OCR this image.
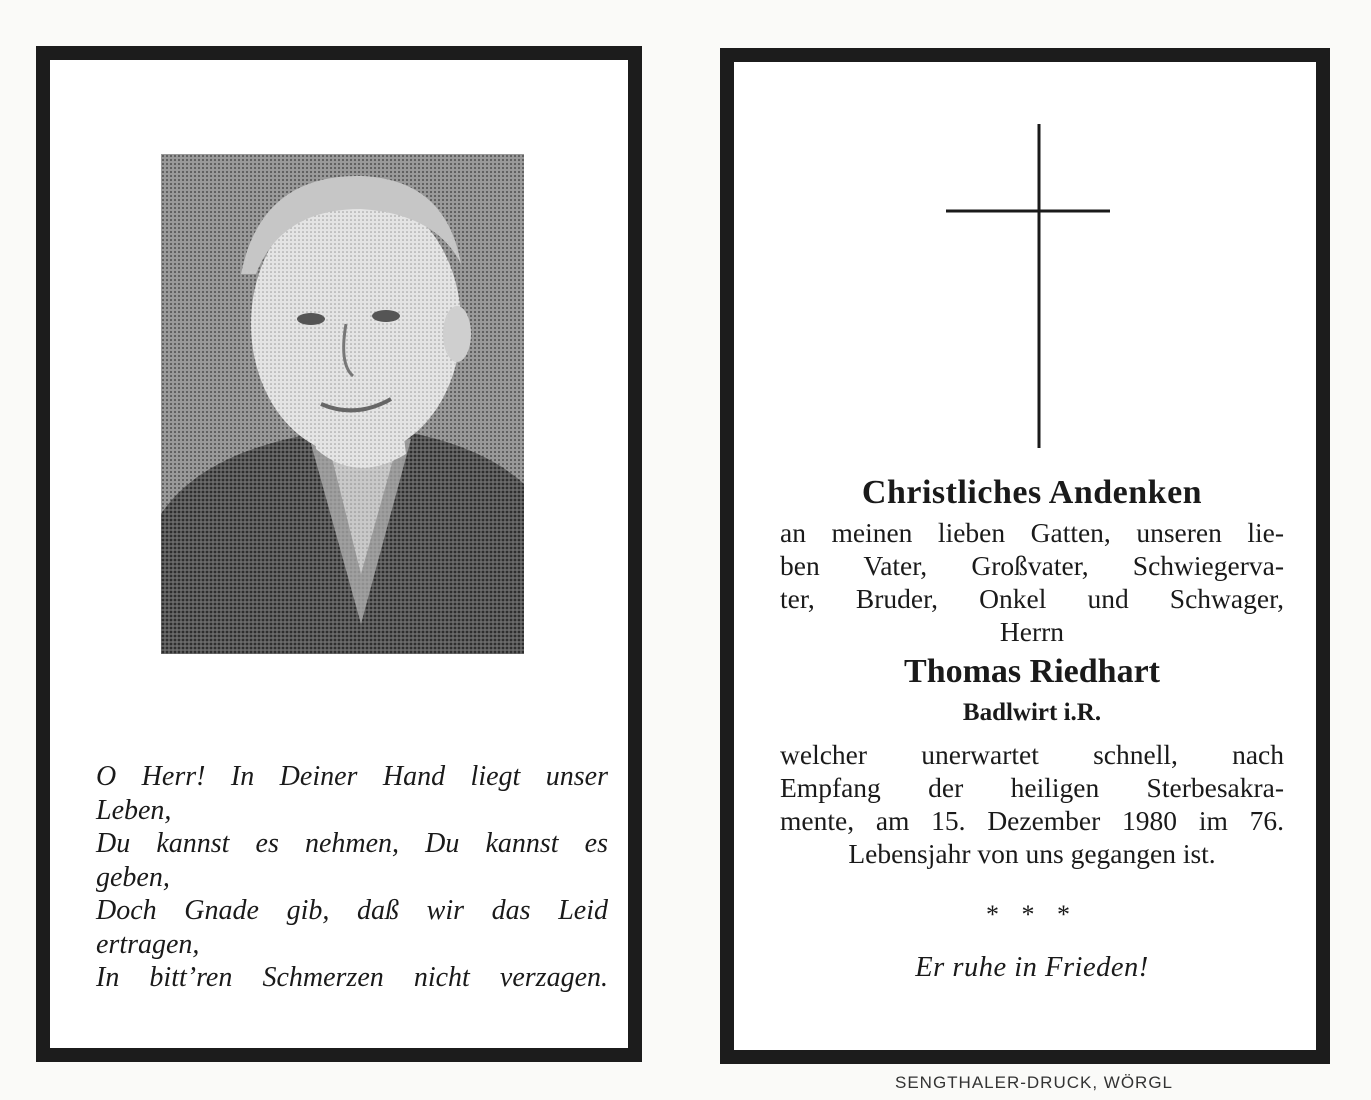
O Herr! In Deiner Hand liegt unser
Leben,
Du kannst es nehmen, Du kannst es
geben,
Doch Gnade gib, daß wir das Leid
ertragen,
In bitt’ren Schmerzen nicht verzagen.
Christliches Andenken
an meinen lieben Gatten, unseren lie-
ben Vater, Großvater, Schwiegerva-
ter, Bruder, Onkel und Schwager,
Herrn
Thomas Riedhart
Badlwirt i.R.
welcher unerwartet schnell, nach
Empfang der heiligen Sterbesakra-
mente, am 15. Dezember 1980 im 76.
Lebensjahr von uns gegangen ist.
* * *
Er ruhe in Frieden!
SENGTHALER-DRUCK, WÖRGL
